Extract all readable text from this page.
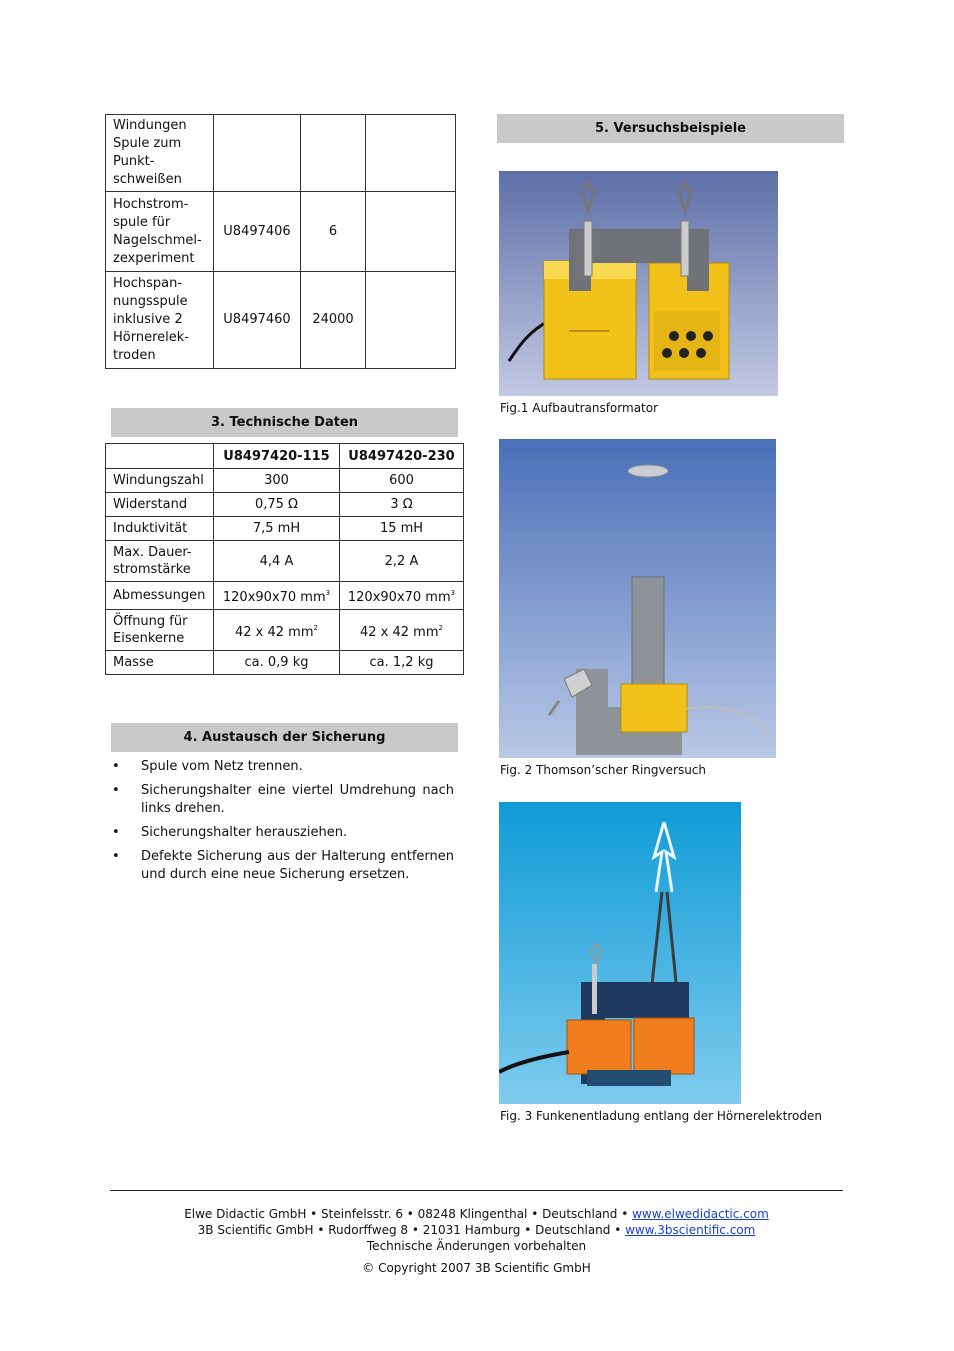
Windungen
Spule zum
Punkt-
schweißen			

Hochstrom-
spule für
Nagelschmel-
zexperiment	U8497406	6	

Hochspan-
nungsspule
inklusive 2
Hörnerelek-
troden	U8497460	24000	
3. Technische Daten
	U8497420-115	U8497420-230
Windungszahl	300	600
Widerstand	0,75 Ω	3 Ω
Induktivität	7,5 mH	15 mH

Max. Dauer-
stromstärke	4,4 A	2,2 A
Abmessungen	120x90x70 $mm^3$	120x90x70 $mm^3$

Öffnung für
Eisenkerne	42 x 42 $mm^2$	42 x 42 $mm^2$
Masse	ca. 0,9 kg	ca. 1,2 kg
4. Austausch der Sicherung
• Spule vom Netz trennen.
• Sicherungshalter eine viertel Umdrehung nach links drehen.
• Sicherungshalter herausziehen.
• Defekte Sicherung aus der Halterung entfernen und durch eine neue Sicherung ersetzen.
5. Versuchsbeispiele
Fig.1 Aufbautransformator
Fig. 2 Thomson’scher Ringversuch
Fig. 3 Funkenentladung entlang der Hörnerelektroden
Elwe Didactic GmbH • Steinfelsstr. 6 • 08248 Klingenthal • Deutschland • www.elwedidactic.com
3B Scientific GmbH • Rudorffweg 8 • 21031 Hamburg • Deutschland • www.3bscientific.com
Technische Änderungen vorbehalten
© Copyright 2007 3B Scientific GmbH
